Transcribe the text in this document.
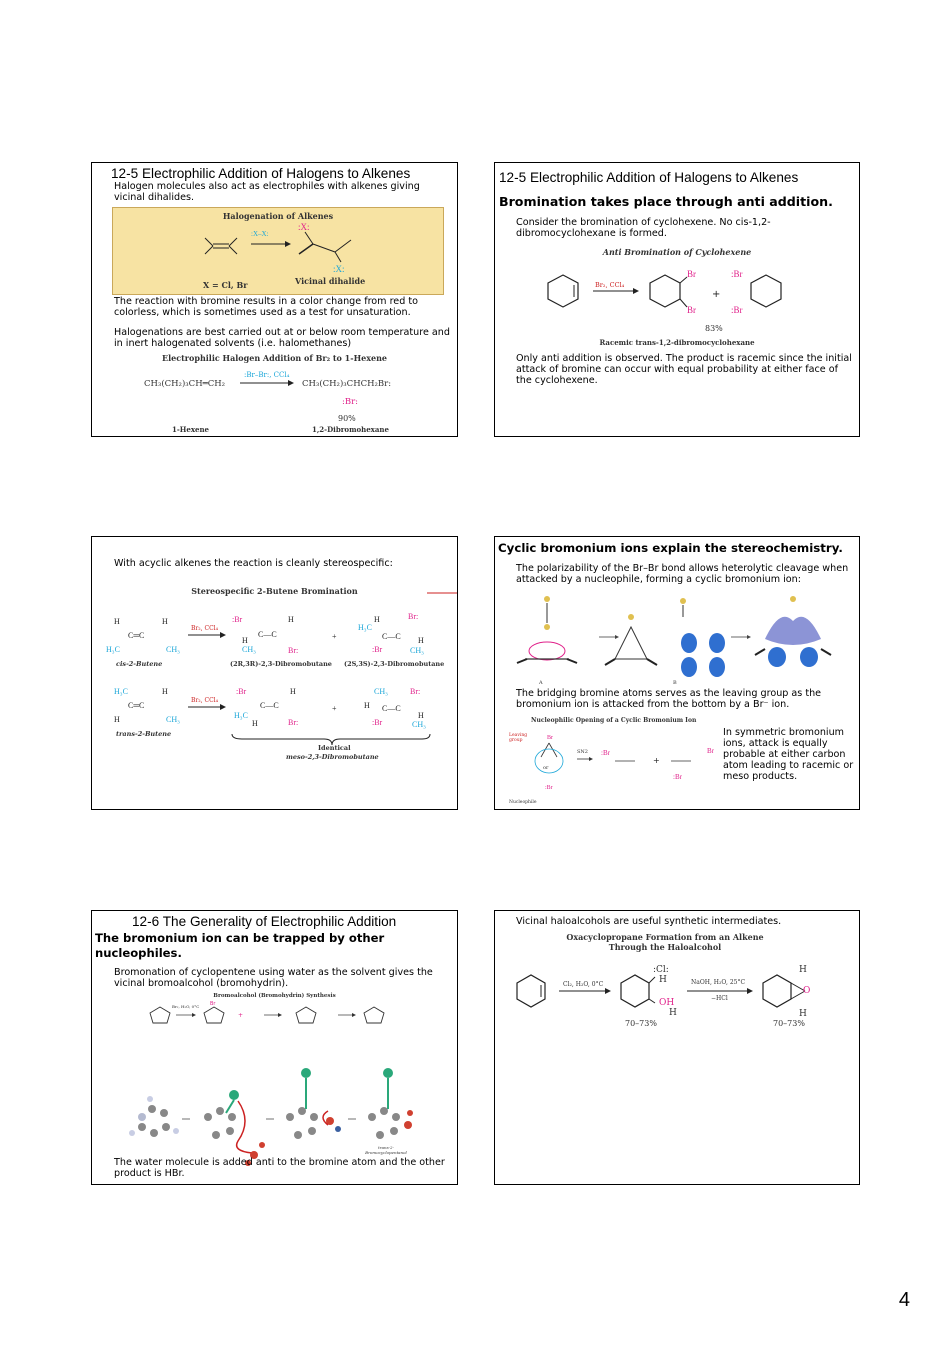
12-5 Electrophilic Addition of Halogens to Alkenes
Halogen molecules also act as electrophiles with alkenes giving vicinal dihalides.
Halogenation of Alkenes
:X–X:
:X:
:X:
X = Cl, Br	Vicinal dihalide
The reaction with bromine results in a color change from red to colorless, which is sometimes used as a test for unsaturation.
Halogenations are best carried out at or below room temperature and in inert halogenated solvents (i.e. halomethanes)
Electrophilic Halogen Addition of Br₂ to 1-Hexene
:Br–Br:, CCl₄
CH₃(CH₂)₃CH═CH₂	CH₃(CH₂)₃CHCH₂Br:
:Br:
90%
1-Hexene	1,2-Dibromohexane
12-5 Electrophilic Addition of Halogens to Alkenes
Bromination takes place through anti addition.
Consider the bromination of cyclohexene. No cis-1,2-dibromocyclohexane is formed.
Anti Bromination of Cyclohexene
Br
Br
+
:Br
:Br
Br₂, CCl₄
83%
Racemic trans-1,2-dibromocyclohexane
Only anti addition is observed. The product is racemic since the initial attack of bromine can occur with equal probability at either face of the cyclohexene.
With acyclic alkenes the reaction is cleanly stereospecific:
Stereospecific 2-Butene Bromination
H	H
C═C
H₃C	CH₃
:Br	H
C—C
H
CH₃	Br:
+
H	Br:
H₃C
C—C H
:Br	CH₃
H₃C	H
C═C
H	CH₃
:Br	H
C—C
H₃C
H	Br:
+
CH₃	Br:
H C—C
:Br
H
CH₃
Br₂, CCl₄
Br₂, CCl₄
cis-2-Butene	(2R,3R)-2,3-Dibromobutane (2S,3S)-2,3-Dibromobutane
trans-2-Butene
Identical
meso-2,3-Dibromobutane
Cyclic bromonium ions explain the stereochemistry.
The polarizability of the Br–Br bond allows heterolytic cleavage when attacked by a nucleophile, forming a cyclic bromonium ion:
A	B
The bridging bromine atoms serves as the leaving group as the bromonium ion is attacked from the bottom by a Br⁻ ion.
Nucleophilic Opening of a Cyclic Bromonium Ion
Br
:Br
:Br
+
:Br
Br
Leaving group
SN2
or
Nucleophile
In symmetric bromonium ions, attack is equally probable at either carbon atom leading to racemic or meso products.
12-6 The Generality of Electrophilic Addition
The bromonium ion can be trapped by other nucleophiles.
Bromonation of cyclopentene using water as the solvent gives the vicinal bromoalcohol (bromohydrin).
Bromoalcohol (Bromohydrin) Synthesis
Br
+
Br₂, H₂O, 0°C
trans-2-Bromocyclopentanol
The water molecule is added anti to the bromine atom and the other product is HBr.
Vicinal haloalcohols are useful synthetic intermediates.
Oxacyclopropane Formation from an Alkene Through the Haloalcohol
Cl₂, H₂O, 0°C
:Cl:
H
OH
H
NaOH, H₂O, 25°C
−HCl
O
H
H
70–73%	70–73%
4
